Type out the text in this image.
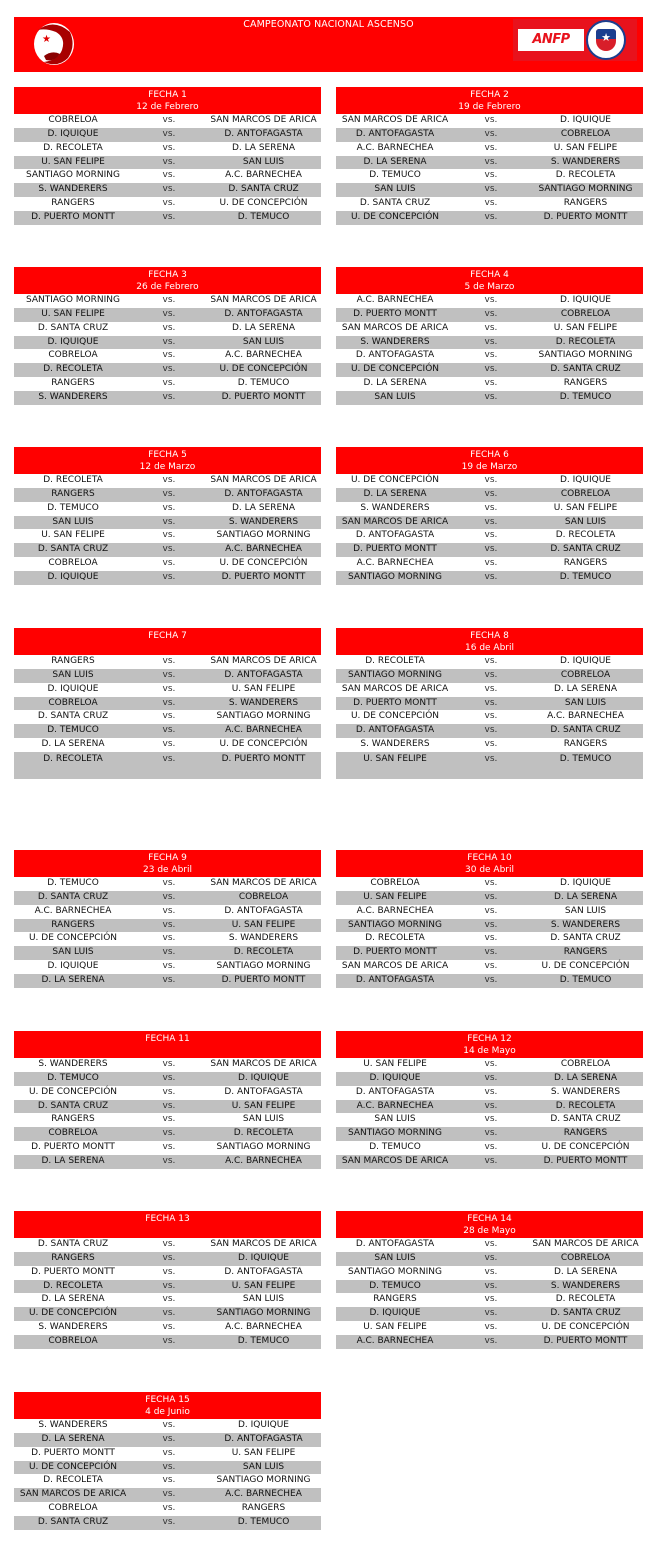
★
CAMPEONATO NACIONAL ASCENSO
ANFP	★
FECHA 1
12 de Febrero
COBRELOA	vs.	SAN MARCOS DE ARICA
D. IQUIQUE	vs.	D. ANTOFAGASTA
D. RECOLETA	vs.	D. LA SERENA
U. SAN FELIPE	vs.	SAN LUIS
SANTIAGO MORNING	vs.	A.C. BARNECHEA
S. WANDERERS	vs.	D. SANTA CRUZ
RANGERS	vs.	U. DE CONCEPCIÓN
D. PUERTO MONTT	vs.	D. TEMUCO
FECHA 2
19 de Febrero
SAN MARCOS DE ARICA	vs.	D. IQUIQUE
D. ANTOFAGASTA	vs.	COBRELOA
A.C. BARNECHEA	vs.	U. SAN FELIPE
D. LA SERENA	vs.	S. WANDERERS
D. TEMUCO	vs.	D. RECOLETA
SAN LUIS	vs.	SANTIAGO MORNING
D. SANTA CRUZ	vs.	RANGERS
U. DE CONCEPCIÓN	vs.	D. PUERTO MONTT
FECHA 3
26 de Febrero
SANTIAGO MORNING	vs.	SAN MARCOS DE ARICA
U. SAN FELIPE	vs.	D. ANTOFAGASTA
D. SANTA CRUZ	vs.	D. LA SERENA
D. IQUIQUE	vs.	SAN LUIS
COBRELOA	vs.	A.C. BARNECHEA
D. RECOLETA	vs.	U. DE CONCEPCIÓN
RANGERS	vs.	D. TEMUCO
S. WANDERERS	vs.	D. PUERTO MONTT
FECHA 4
5 de Marzo
A.C. BARNECHEA	vs.	D. IQUIQUE
D. PUERTO MONTT	vs.	COBRELOA
SAN MARCOS DE ARICA	vs.	U. SAN FELIPE
S. WANDERERS	vs.	D. RECOLETA
D. ANTOFAGASTA	vs.	SANTIAGO MORNING
U. DE CONCEPCIÓN	vs.	D. SANTA CRUZ
D. LA SERENA	vs.	RANGERS
SAN LUIS	vs.	D. TEMUCO
FECHA 5
12 de Marzo
D. RECOLETA	vs.	SAN MARCOS DE ARICA
RANGERS	vs.	D. ANTOFAGASTA
D. TEMUCO	vs.	D. LA SERENA
SAN LUIS	vs.	S. WANDERERS
U. SAN FELIPE	vs.	SANTIAGO MORNING
D. SANTA CRUZ	vs.	A.C. BARNECHEA
COBRELOA	vs.	U. DE CONCEPCIÓN
D. IQUIQUE	vs.	D. PUERTO MONTT
FECHA 6
19 de Marzo
U. DE CONCEPCIÓN	vs.	D. IQUIQUE
D. LA SERENA	vs.	COBRELOA
S. WANDERERS	vs.	U. SAN FELIPE
SAN MARCOS DE ARICA	vs.	SAN LUIS
D. ANTOFAGASTA	vs.	D. RECOLETA
D. PUERTO MONTT	vs.	D. SANTA CRUZ
A.C. BARNECHEA	vs.	RANGERS
SANTIAGO MORNING	vs.	D. TEMUCO
FECHA 7
RANGERS	vs.	SAN MARCOS DE ARICA
SAN LUIS	vs.	D. ANTOFAGASTA
D. IQUIQUE	vs.	U. SAN FELIPE
COBRELOA	vs.	S. WANDERERS
D. SANTA CRUZ	vs.	SANTIAGO MORNING
D. TEMUCO	vs.	A.C. BARNECHEA
D. LA SERENA	vs.	U. DE CONCEPCIÓN
D. RECOLETA	vs.	D. PUERTO MONTT
FECHA 8
16 de Abril
D. RECOLETA	vs.	D. IQUIQUE
SANTIAGO MORNING	vs.	COBRELOA
SAN MARCOS DE ARICA	vs.	D. LA SERENA
D. PUERTO MONTT	vs.	SAN LUIS
U. DE CONCEPCIÓN	vs.	A.C. BARNECHEA
D. ANTOFAGASTA	vs.	D. SANTA CRUZ
S. WANDERERS	vs.	RANGERS
U. SAN FELIPE	vs.	D. TEMUCO
FECHA 9
23 de Abril
D. TEMUCO	vs.	SAN MARCOS DE ARICA
D. SANTA CRUZ	vs.	COBRELOA
A.C. BARNECHEA	vs.	D. ANTOFAGASTA
RANGERS	vs.	U. SAN FELIPE
U. DE CONCEPCIÓN	vs.	S. WANDERERS
SAN LUIS	vs.	D. RECOLETA
D. IQUIQUE	vs.	SANTIAGO MORNING
D. LA SERENA	vs.	D. PUERTO MONTT
FECHA 10
30 de Abril
COBRELOA	vs.	D. IQUIQUE
U. SAN FELIPE	vs.	D. LA SERENA
A.C. BARNECHEA	vs.	SAN LUIS
SANTIAGO MORNING	vs.	S. WANDERERS
D. RECOLETA	vs.	D. SANTA CRUZ
D. PUERTO MONTT	vs.	RANGERS
SAN MARCOS DE ARICA	vs.	U. DE CONCEPCIÓN
D. ANTOFAGASTA	vs.	D. TEMUCO
FECHA 11
S. WANDERERS	vs.	SAN MARCOS DE ARICA
D. TEMUCO	vs.	D. IQUIQUE
U. DE CONCEPCIÓN	vs.	D. ANTOFAGASTA
D. SANTA CRUZ	vs.	U. SAN FELIPE
RANGERS	vs.	SAN LUIS
COBRELOA	vs.	D. RECOLETA
D. PUERTO MONTT	vs.	SANTIAGO MORNING
D. LA SERENA	vs.	A.C. BARNECHEA
FECHA 12
14 de Mayo
U. SAN FELIPE	vs.	COBRELOA
D. IQUIQUE	vs.	D. LA SERENA
D. ANTOFAGASTA	vs.	S. WANDERERS
A.C. BARNECHEA	vs.	D. RECOLETA
SAN LUIS	vs.	D. SANTA CRUZ
SANTIAGO MORNING	vs.	RANGERS
D. TEMUCO	vs.	U. DE CONCEPCIÓN
SAN MARCOS DE ARICA	vs.	D. PUERTO MONTT
FECHA 13
D. SANTA CRUZ	vs.	SAN MARCOS DE ARICA
RANGERS	vs.	D. IQUIQUE
D. PUERTO MONTT	vs.	D. ANTOFAGASTA
D. RECOLETA	vs.	U. SAN FELIPE
D. LA SERENA	vs.	SAN LUIS
U. DE CONCEPCIÓN	vs.	SANTIAGO MORNING
S. WANDERERS	vs.	A.C. BARNECHEA
COBRELOA	vs.	D. TEMUCO
FECHA 14
28 de Mayo
D. ANTOFAGASTA	vs.	SAN MARCOS DE ARICA
SAN LUIS	vs.	COBRELOA
SANTIAGO MORNING	vs.	D. LA SERENA
D. TEMUCO	vs.	S. WANDERERS
RANGERS	vs.	D. RECOLETA
D. IQUIQUE	vs.	D. SANTA CRUZ
U. SAN FELIPE	vs.	U. DE CONCEPCIÓN
A.C. BARNECHEA	vs.	D. PUERTO MONTT
FECHA 15
4 de Junio
S. WANDERERS	vs.	D. IQUIQUE
D. LA SERENA	vs.	D. ANTOFAGASTA
D. PUERTO MONTT	vs.	U. SAN FELIPE
U. DE CONCEPCIÓN	vs.	SAN LUIS
D. RECOLETA	vs.	SANTIAGO MORNING
SAN MARCOS DE ARICA	vs.	A.C. BARNECHEA
COBRELOA	vs.	RANGERS
D. SANTA CRUZ	vs.	D. TEMUCO
